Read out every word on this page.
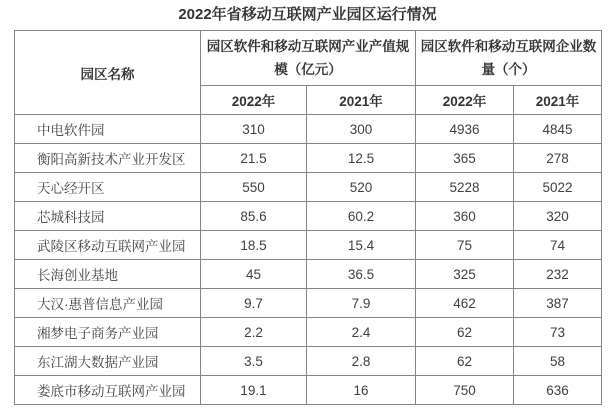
2022年省移动互联网产业园区运行情况
园区名称	园区软件和移动互联网产业产值规模（亿元）		园区软件和移动互联网企业数量（个）	
	2022年	2021年	2022年	2021年
中电软件园	310	300	4936	4845
衡阳高新技术产业开发区	21.5	12.5	365	278
天心经开区	550	520	5228	5022
芯城科技园	85.6	60.2	360	320
武陵区移动互联网产业园	18.5	15.4	75	74
长海创业基地	45	36.5	325	232
大汉·惠普信息产业园	9.7	7.9	462	387
湘梦电子商务产业园	2.2	2.4	62	73
东江湖大数据产业园	3.5	2.8	62	58
娄底市移动互联网产业园	19.1	16	750	636
